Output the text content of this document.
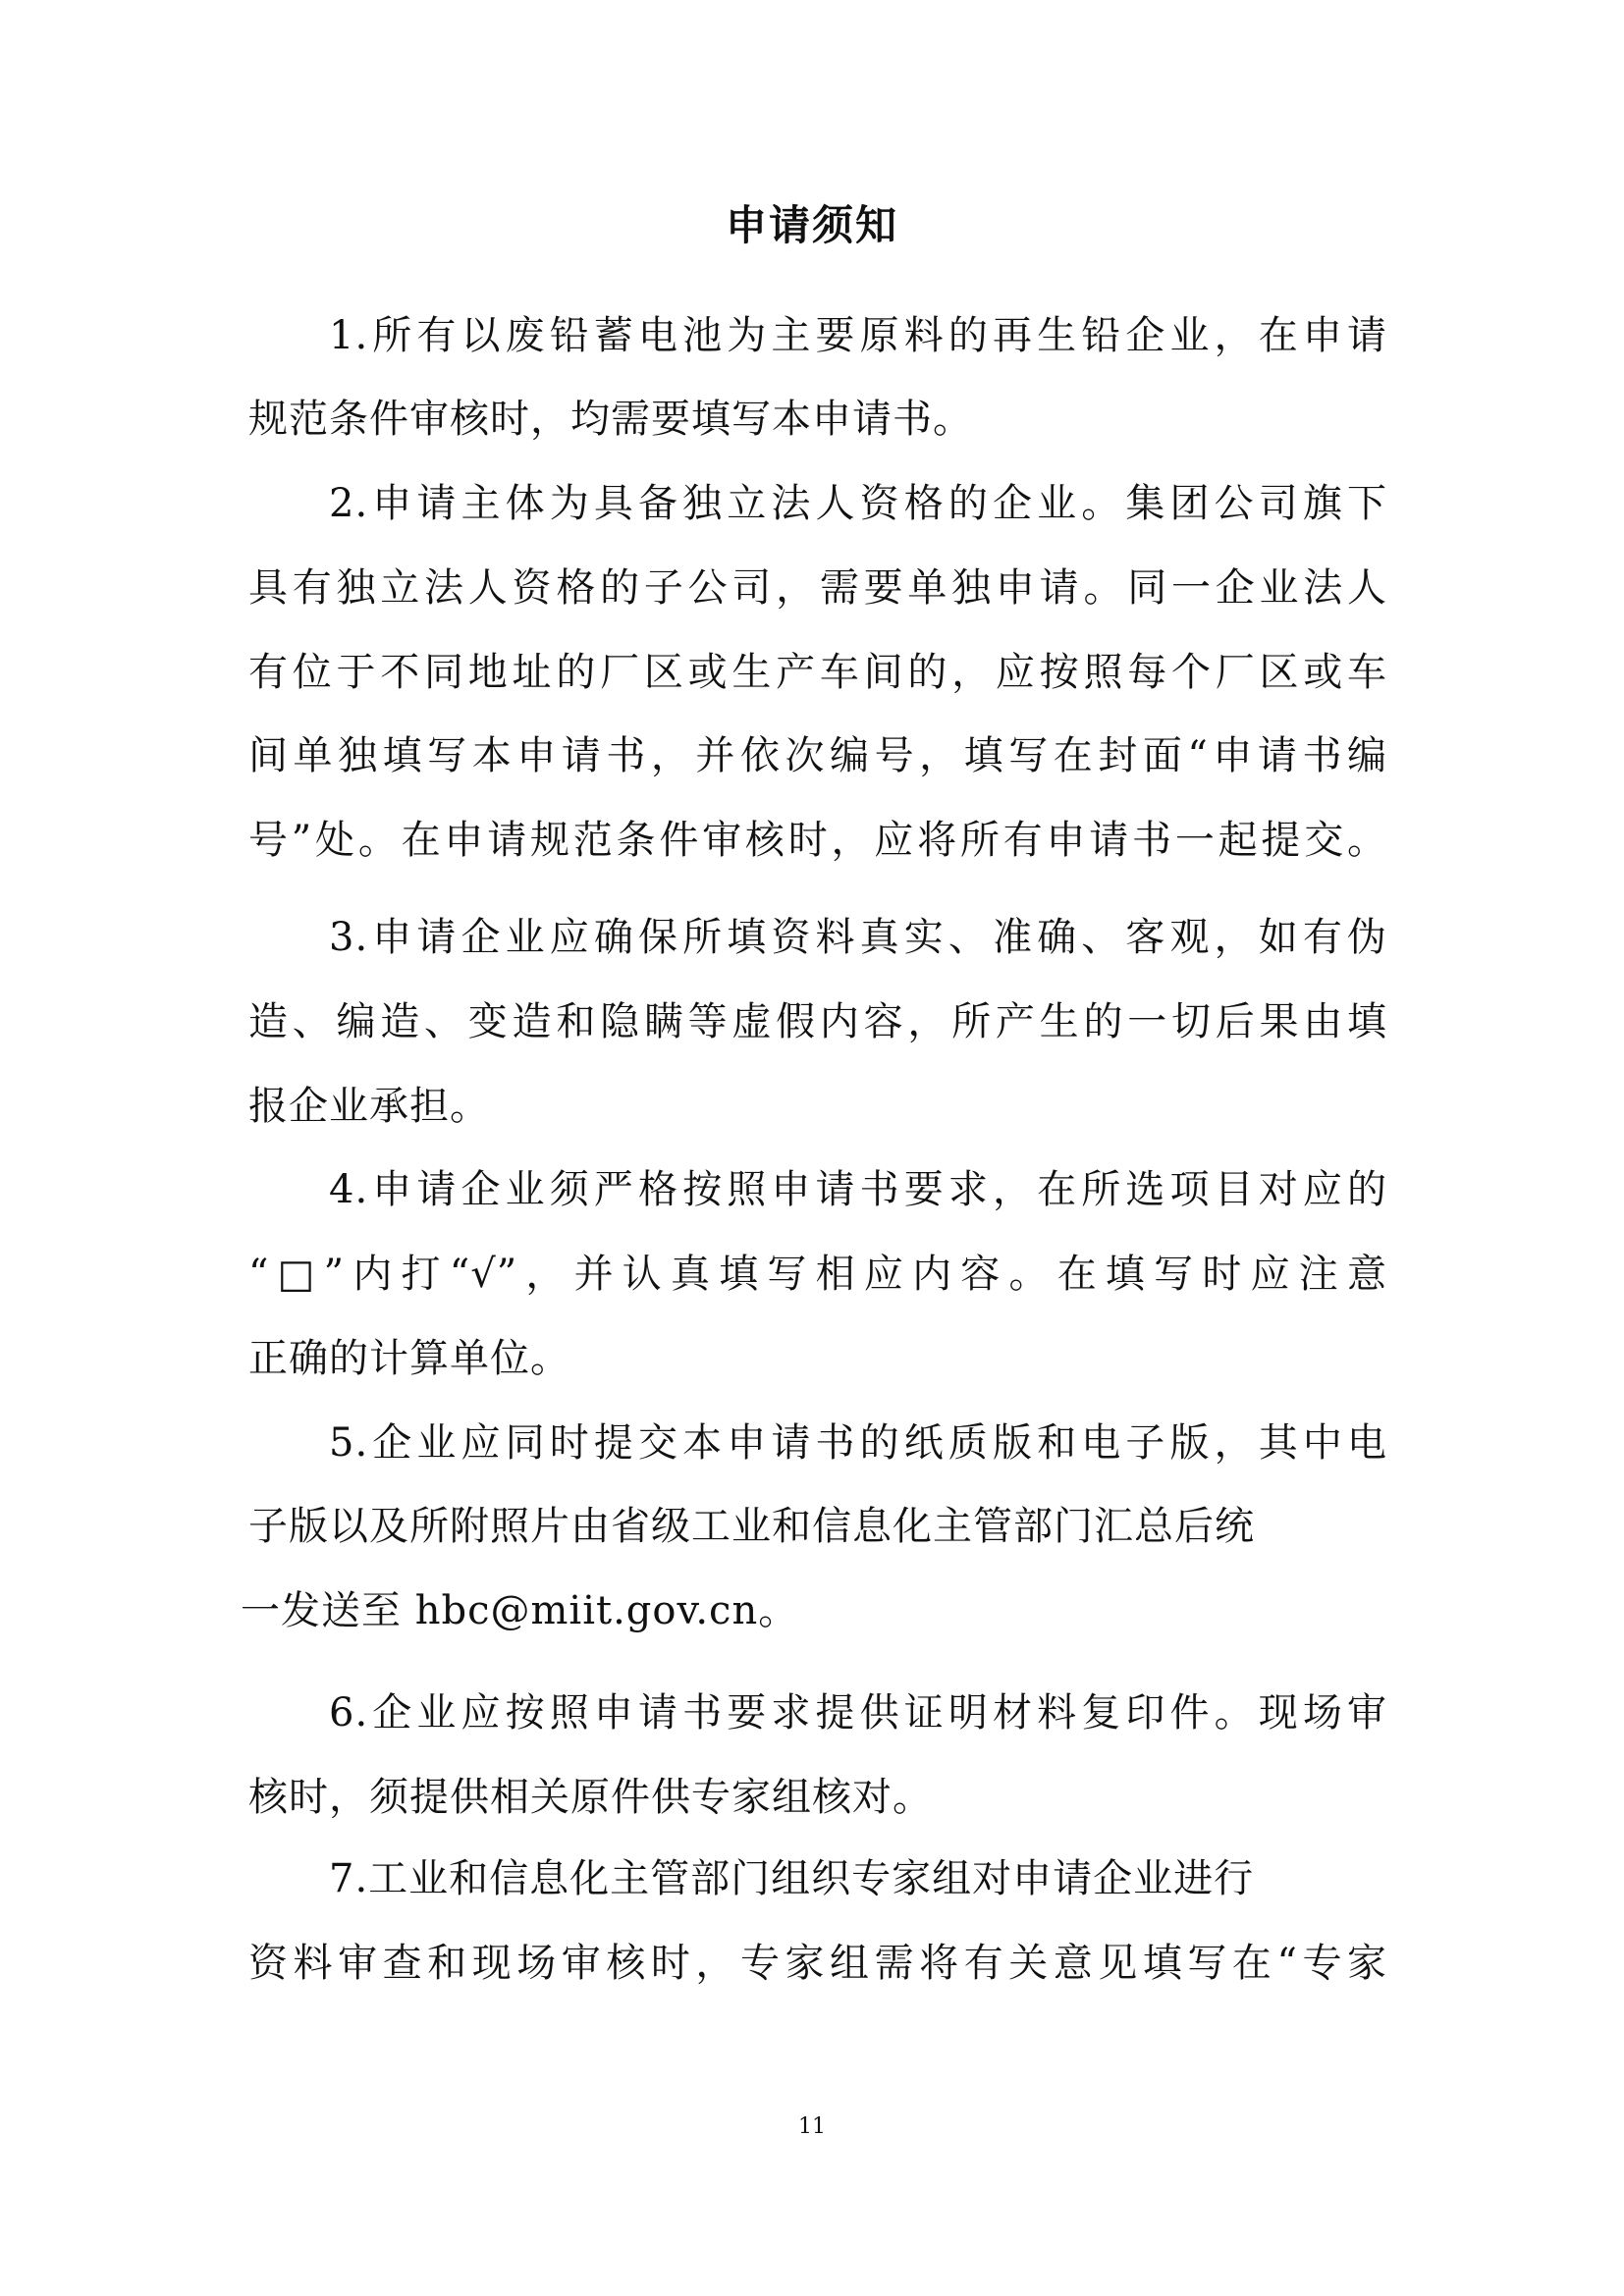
申请须知
1.所有以废铅蓄电池为主要原料的再生铅企业，在申请
规范条件审核时，均需要填写本申请书。
2.申请主体为具备独立法人资格的企业。集团公司旗下
具有独立法人资格的子公司，需要单独申请。同一企业法人
有位于不同地址的厂区或生产车间的，应按照每个厂区或车
间单独填写本申请书，并依次编号，填写在封面“申请书编
号”处。在申请规范条件审核时，应将所有申请书一起提交。
3.申请企业应确保所填资料真实、准确、客观，如有伪
造、编造、变造和隐瞒等虚假内容，所产生的一切后果由填
报企业承担。
4.申请企业须严格按照申请书要求，在所选项目对应的
“□”内打“√”，并认真填写相应内容。在填写时应注意
正确的计算单位。
5.企业应同时提交本申请书的纸质版和电子版，其中电
子版以及所附照片由省级工业和信息化主管部门汇总后统
一发送至 hbc@miit.gov.cn。
6.企业应按照申请书要求提供证明材料复印件。现场审
核时，须提供相关原件供专家组核对。
7.工业和信息化主管部门组织专家组对申请企业进行
资料审查和现场审核时，专家组需将有关意见填写在“专家
11
